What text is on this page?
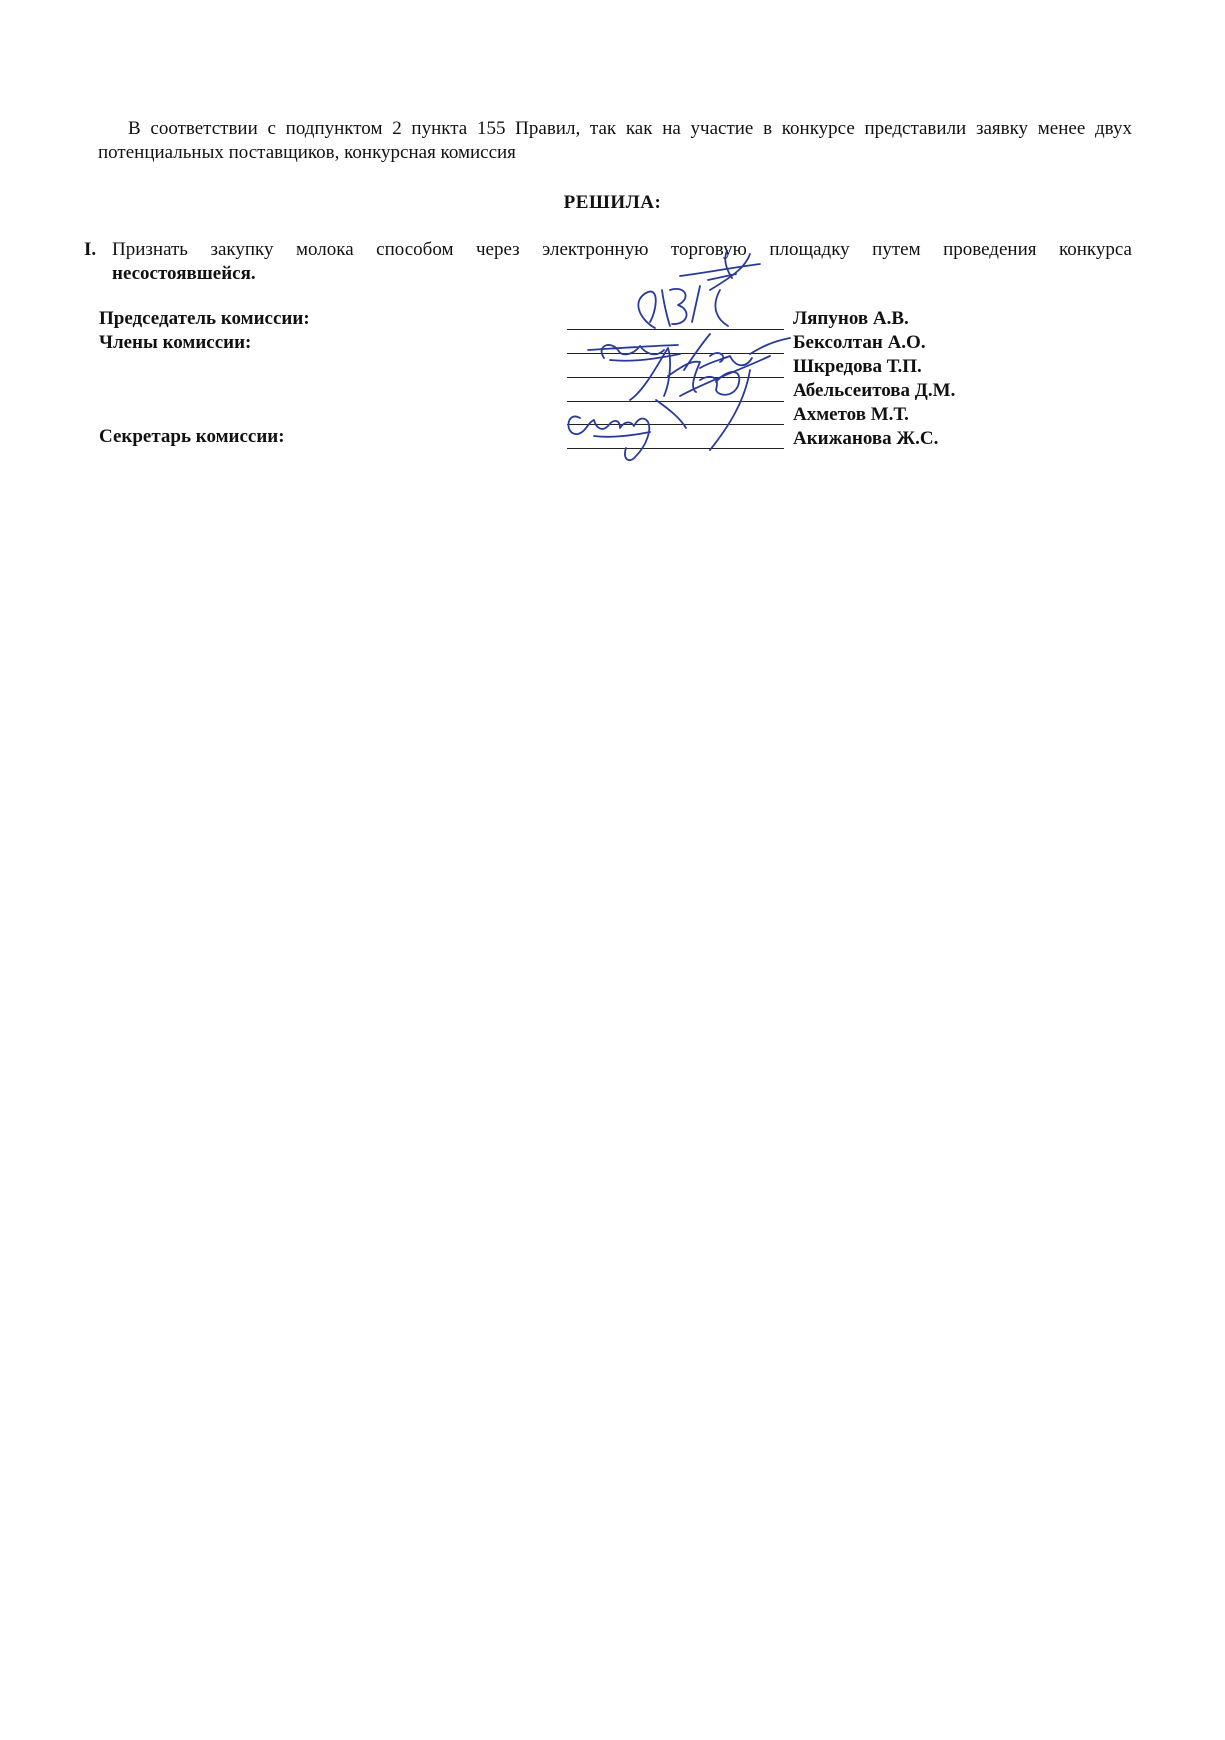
В соответствии с подпунктом 2 пункта 155 Правил, так как на участие в конкурсе представили заявку менее двух потенциальных поставщиков, конкурсная комиссия

РЕШИЛА:
I. Признать закупку молока способом через электронную торговую площадку путем проведения конкурса
несостоявшейся.
Председатель комиссии:
Члены комиссии:
Секретарь комиссии:
Ляпунов А.В.
Бексолтан А.О.
Шкредова Т.П.
Абельсеитова Д.М.
Ахметов М.Т.
Акижанова Ж.С.
